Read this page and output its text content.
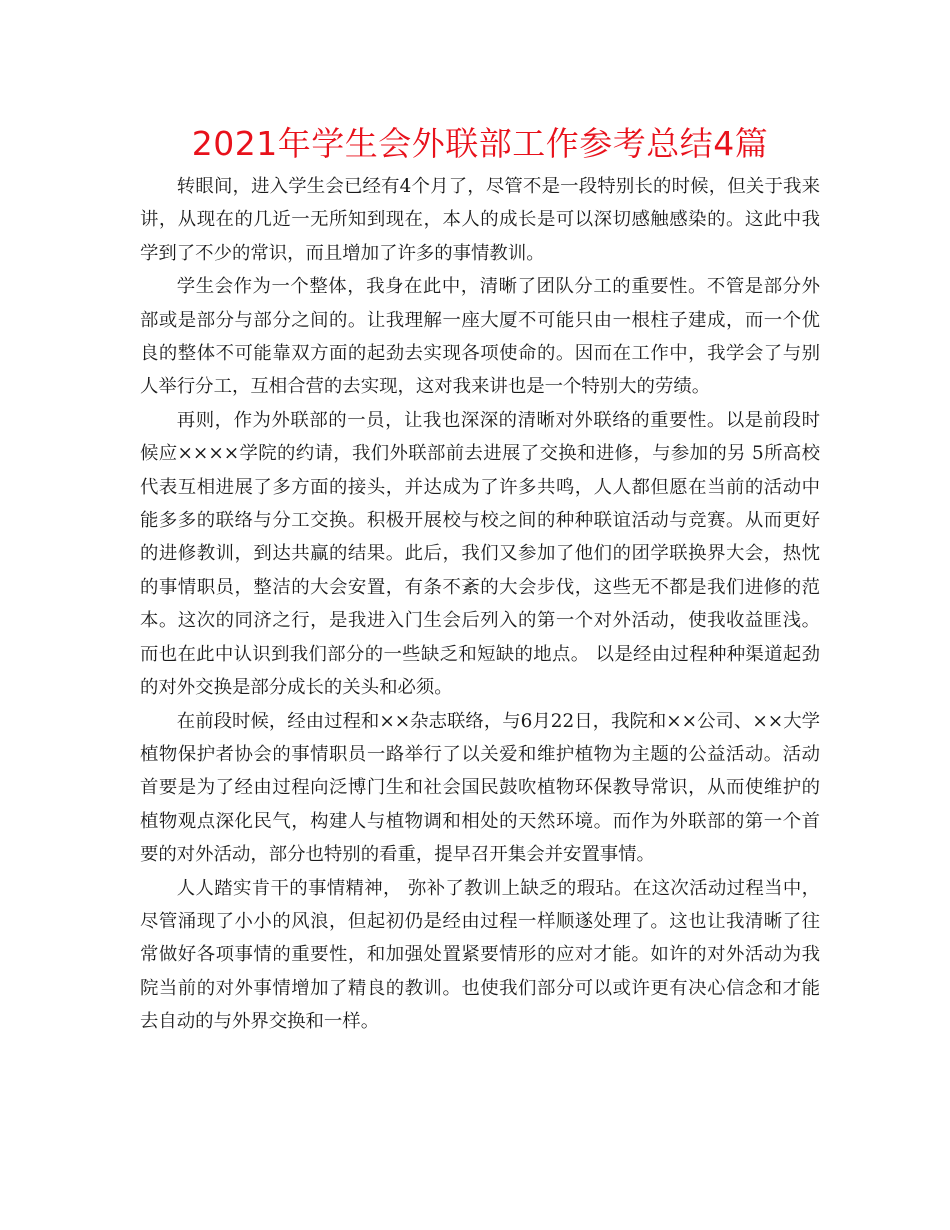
2021年学生会外联部工作参考总结4篇

转眼间，进入学生会已经有4个月了，尽管不是一段特别长的时候，但关于我来讲，从现在的几近一无所知到现在，本人的成长是可以深切感触感染的。这此中我学到了不少的常识，而且增加了许多的事情教训。

学生会作为一个整体，我身在此中，清晰了团队分工的重要性。不管是部分外部或是部分与部分之间的。让我理解一座大厦不可能只由一根柱子建成，而一个优良的整体不可能靠双方面的起劲去实现各项使命的。因而在工作中，我学会了与别人举行分工，互相合营的去实现，这对我来讲也是一个特别大的劳绩。

再则，作为外联部的一员，让我也深深的清晰对外联络的重要性。以是前段时候应××××学院的约请，我们外联部前去进展了交换和进修，与参加的另 5所高校代表互相进展了多方面的接头，并达成为了许多共鸣，人人都但愿在当前的活动中能多多的联络与分工交换。积极开展校与校之间的种种联谊活动与竞赛。从而更好的进修教训，到达共赢的结果。此后，我们又参加了他们的团学联换界大会，热忱的事情职员，整洁的大会安置，有条不紊的大会步伐，这些无不都是我们进修的范本。这次的同济之行，是我进入门生会后列入的第一个对外活动，使我收益匪浅。而也在此中认识到我们部分的一些缺乏和短缺的地点。 以是经由过程种种渠道起劲的对外交换是部分成长的关头和必须。

在前段时候，经由过程和××杂志联络，与6月22日，我院和××公司、××大学植物保护者协会的事情职员一路举行了以关爱和维护植物为主题的公益活动。活动首要是为了经由过程向泛博门生和社会国民鼓吹植物环保教导常识，从而使维护的植物观点深化民气，构建人与植物调和相处的天然环境。而作为外联部的第一个首要的对外活动，部分也特别的看重，提早召开集会并安置事情。

人人踏实肯干的事情精神， 弥补了教训上缺乏的瑕玷。在这次活动过程当中，尽管涌现了小小的风浪，但起初仍是经由过程一样顺遂处理了。这也让我清晰了往常做好各项事情的重要性，和加强处置紧要情形的应对才能。如许的对外活动为我院当前的对外事情增加了精良的教训。也使我们部分可以或许更有决心信念和才能去自动的与外界交换和一样。
